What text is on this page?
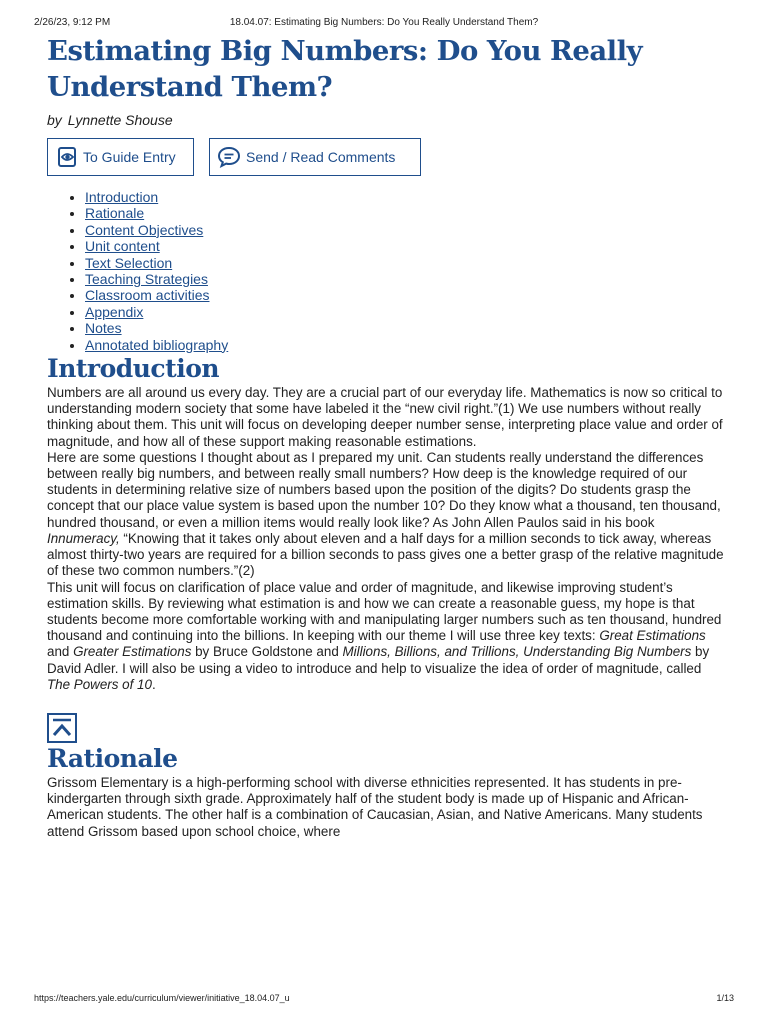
2/26/23, 9:12 PM	18.04.07: Estimating Big Numbers: Do You Really Understand Them?
Estimating Big Numbers: Do You Really Understand Them?
by Lynnette Shouse
To Guide Entry	Send / Read Comments
• Introduction
• Rationale
• Content Objectives
• Unit content
• Text Selection
• Teaching Strategies
• Classroom activities
• Appendix
• Notes
• Annotated bibliography
Introduction

Numbers are all around us every day. They are a crucial part of our everyday life. Mathematics is now so critical to understanding modern society that some have labeled it the “new civil right.”(1) We use numbers without really thinking about them. This unit will focus on developing deeper number sense, interpreting place value and order of magnitude, and how all of these support making reasonable estimations.

Here are some questions I thought about as I prepared my unit. Can students really understand the differences between really big numbers, and between really small numbers? How deep is the knowledge required of our students in determining relative size of numbers based upon the position of the digits? Do students grasp the concept that our place value system is based upon the number 10? Do they know what a thousand, ten thousand, hundred thousand, or even a million items would really look like? As John Allen Paulos said in his book Innumeracy, “Knowing that it takes only about eleven and a half days for a million seconds to tick away, whereas almost thirty-two years are required for a billion seconds to pass gives one a better grasp of the relative magnitude of these two common numbers.”(2)

This unit will focus on clarification of place value and order of magnitude, and likewise improving student’s estimation skills. By reviewing what estimation is and how we can create a reasonable guess, my hope is that students become more comfortable working with and manipulating larger numbers such as ten thousand, hundred thousand and continuing into the billions. In keeping with our theme I will use three key texts: Great Estimations and Greater Estimations by Bruce Goldstone and Millions, Billions, and Trillions, Understanding Big Numbers by David Adler. I will also be using a video to introduce and help to visualize the idea of order of magnitude, called The Powers of 10.

Rationale

Grissom Elementary is a high-performing school with diverse ethnicities represented. It has students in pre-kindergarten through sixth grade. Approximately half of the student body is made up of Hispanic and African-American students. The other half is a combination of Caucasian, Asian, and Native Americans. Many students attend Grissom based upon school choice, where

https://teachers.yale.edu/curriculum/viewer/initiative_18.04.07_u	1/13
